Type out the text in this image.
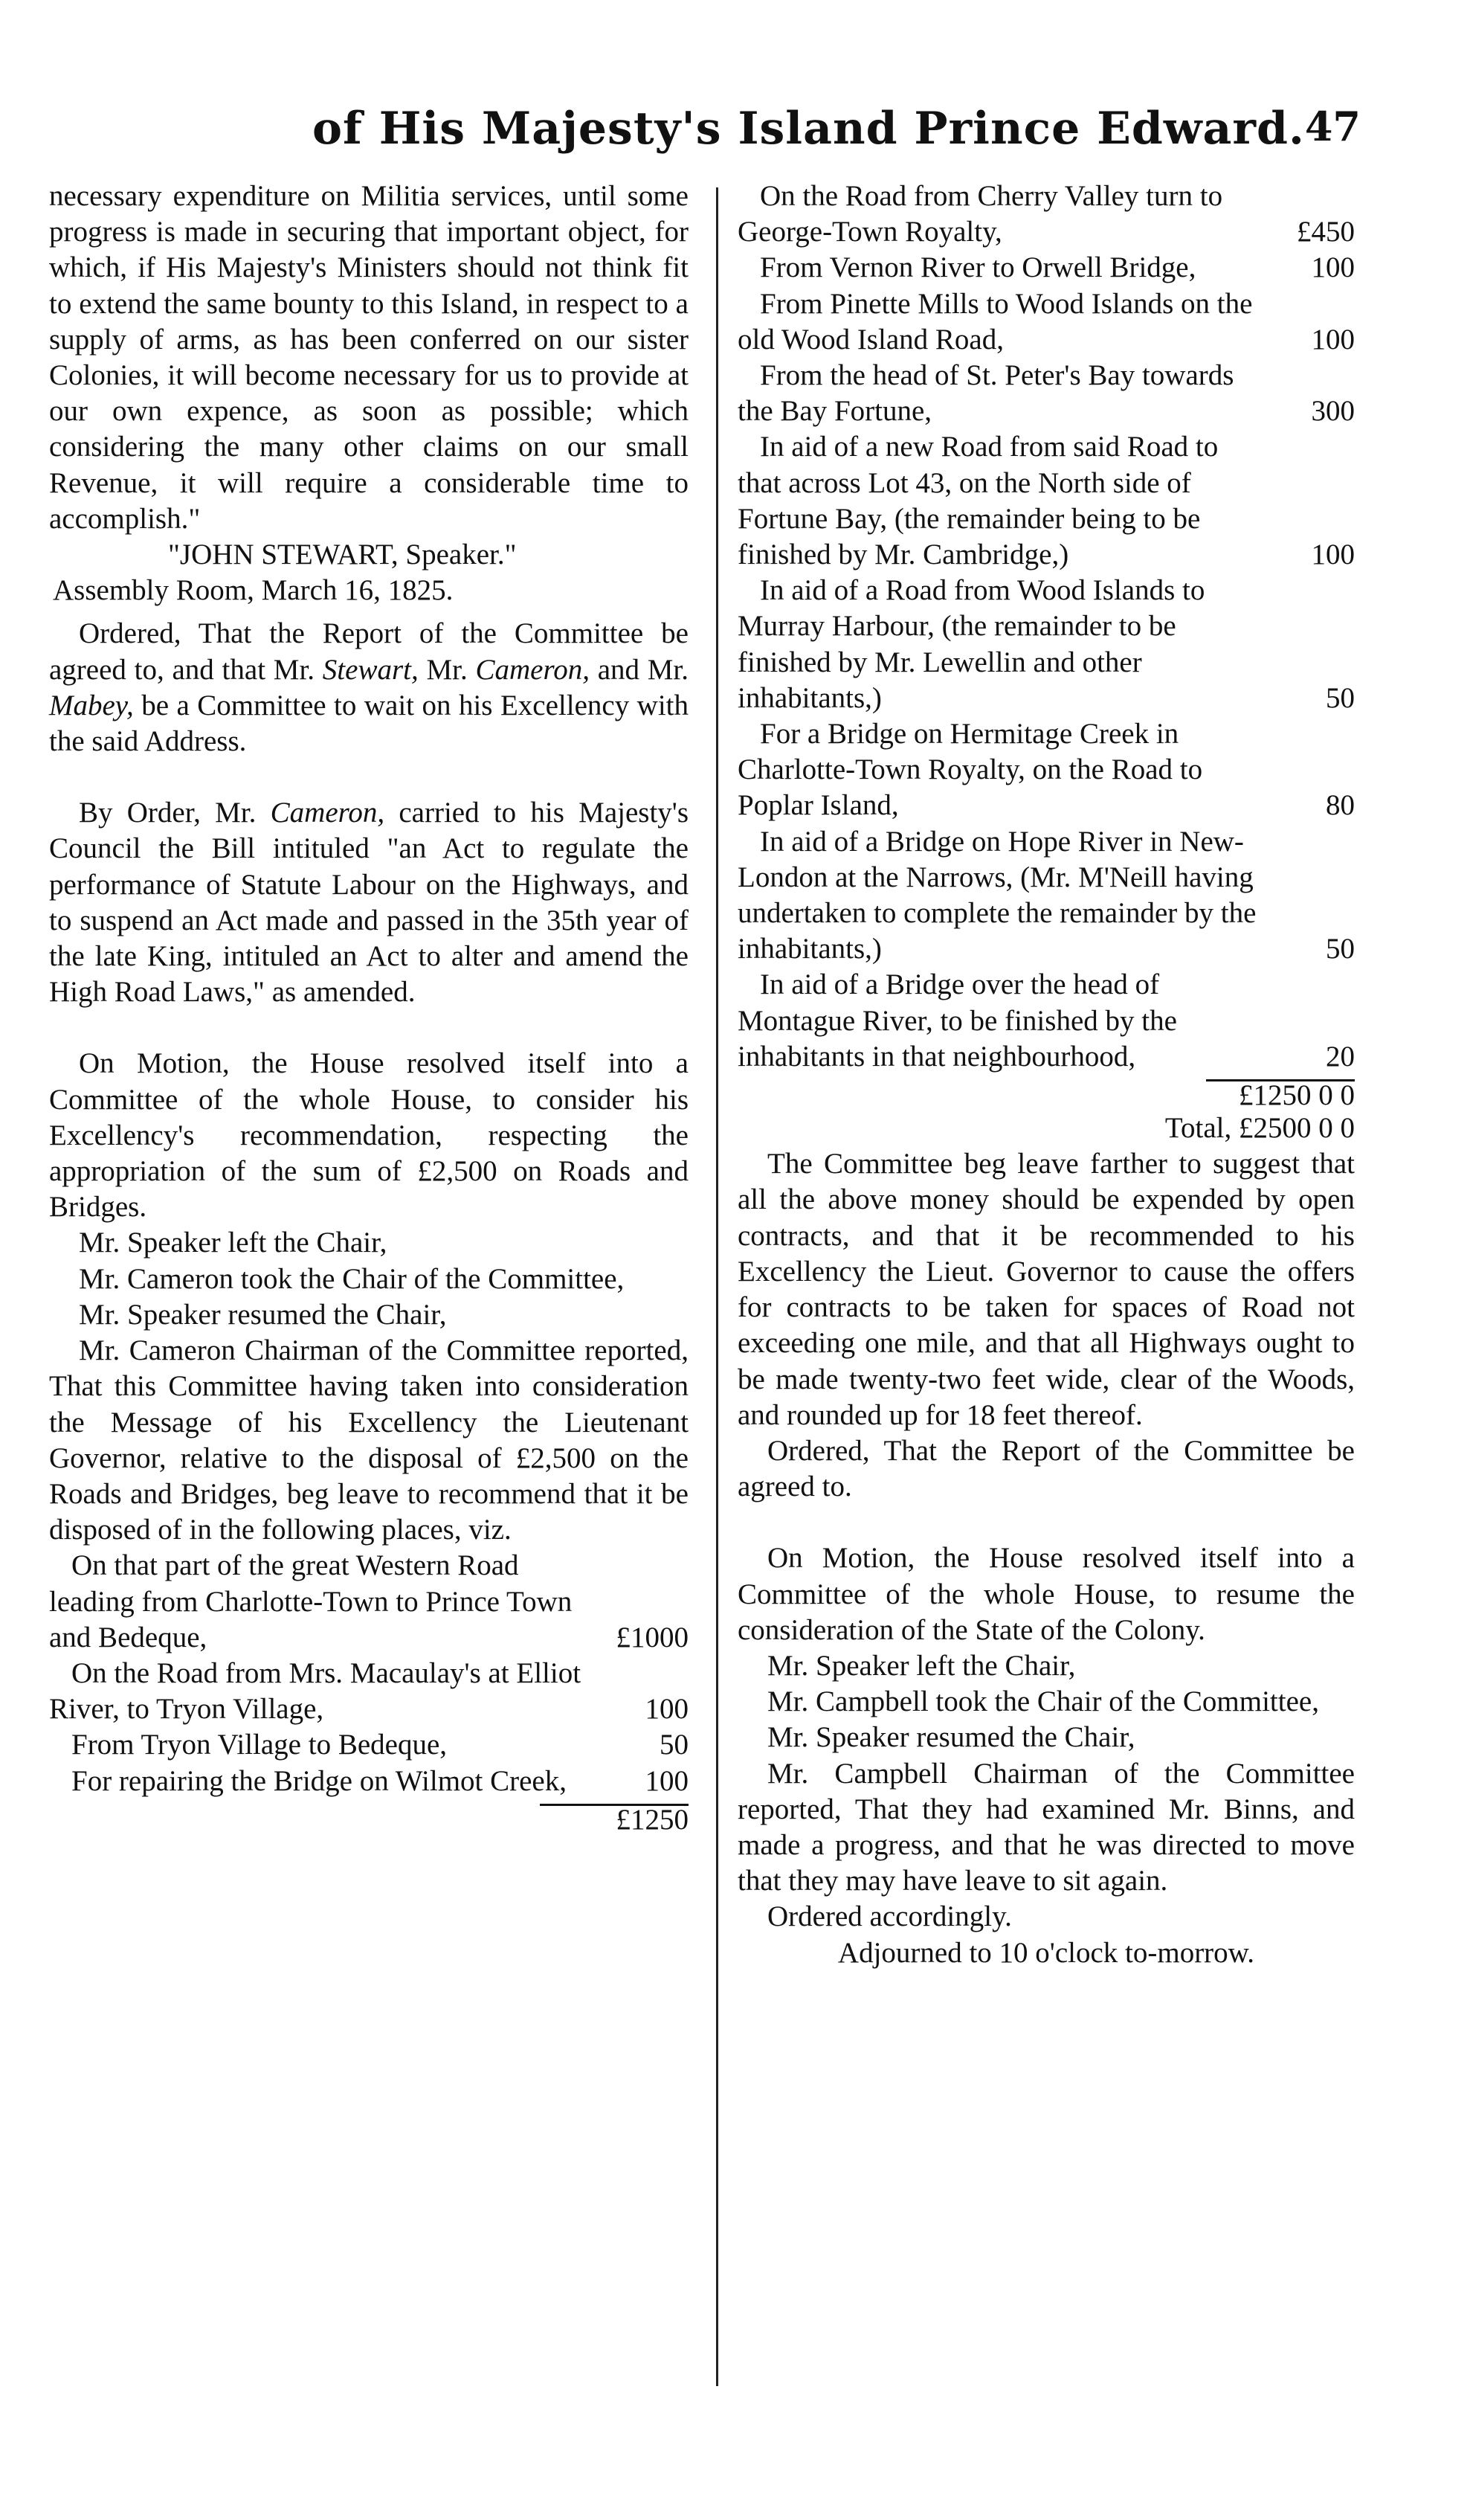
of His Majesty's Island Prince Edward. 47

necessary expenditure on Militia services, until some progress is made in securing that important object, for which, if His Majesty's Ministers should not think fit to extend the same bounty to this Island, in respect to a supply of arms, as has been conferred on our sister Colonies, it will become necessary for us to provide at our own expence, as soon as possible; which considering the many other claims on our small Revenue, it will require a considerable time to accomplish."

"JOHN STEWART, Speaker."

Assembly Room, March 16, 1825.

Ordered, That the Report of the Committee be agreed to, and that Mr. Stewart, Mr. Cameron, and Mr. Mabey, be a Committee to wait on his Excellency with the said Address.

By Order, Mr. Cameron, carried to his Majesty's Council the Bill intituled "an Act to regulate the performance of Statute Labour on the Highways, and to suspend an Act made and passed in the 35th year of the late King, intituled an Act to alter and amend the High Road Laws," as amended.

On Motion, the House resolved itself into a Committee of the whole House, to consider his Excellency's recommendation, respecting the appropriation of the sum of £2,500 on Roads and Bridges.

Mr. Speaker left the Chair,

Mr. Cameron took the Chair of the Committee,

Mr. Speaker resumed the Chair,

Mr. Cameron Chairman of the Committee reported, That this Committee having taken into consideration the Message of his Excellency the Lieutenant Governor, relative to the disposal of £2,500 on the Roads and Bridges, beg leave to recommend that it be disposed of in the following places, viz.

On that part of the great Western Road leading from Charlotte-Town to Prince Town and Bedeque,	£1000
On the Road from Mrs. Macaulay's at Elliot River, to Tryon Village,	100
From Tryon Village to Bedeque,	50
For repairing the Bridge on Wilmot Creek,	100
£1250
On the Road from Cherry Valley turn to George-Town Royalty,	£450
From Vernon River to Orwell Bridge,	100
From Pinette Mills to Wood Islands on the old Wood Island Road,	100
From the head of St. Peter's Bay towards the Bay Fortune,	300
In aid of a new Road from said Road to that across Lot 43, on the North side of Fortune Bay, (the remainder being to be finished by Mr. Cambridge,)	100
In aid of a Road from Wood Islands to Murray Harbour, (the remainder to be finished by Mr. Lewellin and other inhabitants,)	50
For a Bridge on Hermitage Creek in Charlotte-Town Royalty, on the Road to Poplar Island,	80
In aid of a Bridge on Hope River in New-London at the Narrows, (Mr. M'Neill having undertaken to complete the remainder by the inhabitants,)	50
In aid of a Bridge over the head of Montague River, to be finished by the inhabitants in that neighbourhood,	20
£1250 0 0

Total, £2500 0 0

The Committee beg leave farther to suggest that all the above money should be expended by open contracts, and that it be recommended to his Excellency the Lieut. Governor to cause the offers for contracts to be taken for spaces of Road not exceeding one mile, and that all Highways ought to be made twenty-two feet wide, clear of the Woods, and rounded up for 18 feet thereof.

Ordered, That the Report of the Committee be agreed to.

On Motion, the House resolved itself into a Committee of the whole House, to resume the consideration of the State of the Colony.

Mr. Speaker left the Chair,

Mr. Campbell took the Chair of the Committee,

Mr. Speaker resumed the Chair,

Mr. Campbell Chairman of the Committee reported, That they had examined Mr. Binns, and made a progress, and that he was directed to move that they may have leave to sit again.

Ordered accordingly.

Adjourned to 10 o'clock to-morrow.
